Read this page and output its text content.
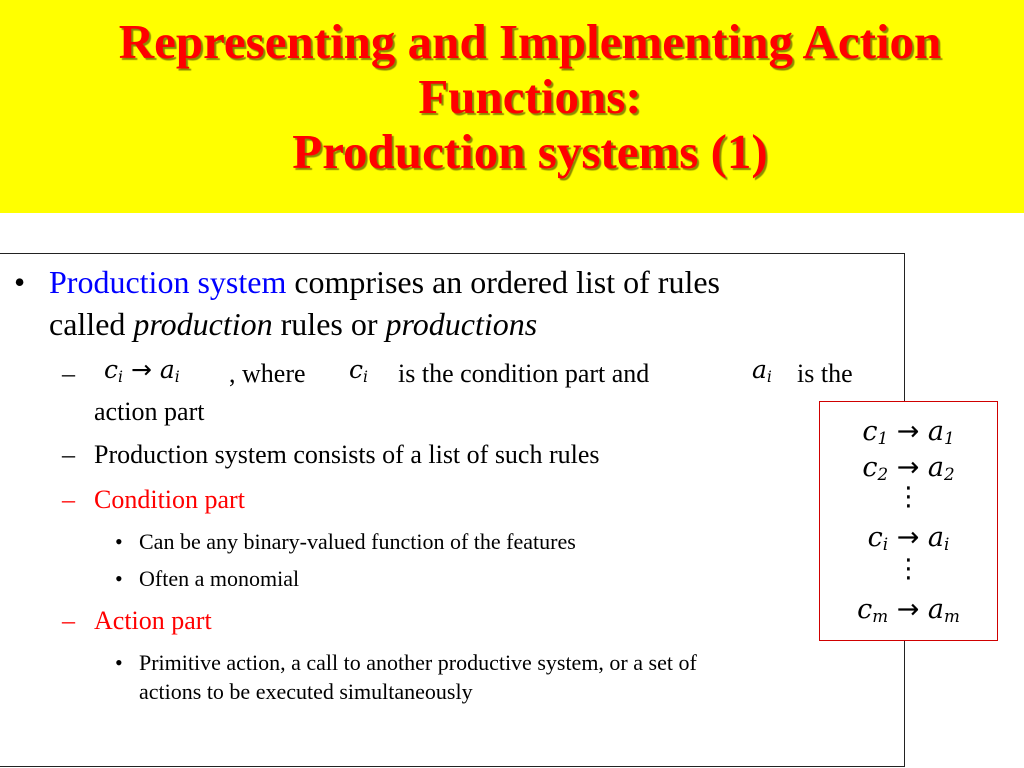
Representing and Implementing Action
Functions:
Production systems (1)
• Production system comprises an ordered list of rules
called production rules or productions
– $c_i \to a_i$ , where $c_i$ is the condition part and	$a_i$ is the
action part
– Production system consists of a list of such rules
– Condition part
• Can be any binary-valued function of the features
• Often a monomial
– Action part
• Primitive action, a call to another productive system, or a set of
actions to be executed simultaneously
$c_1 \to a_1$
$c_2 \to a_2$
⋮
$c_i \to a_i$
⋮
$c_m \to a_m$
